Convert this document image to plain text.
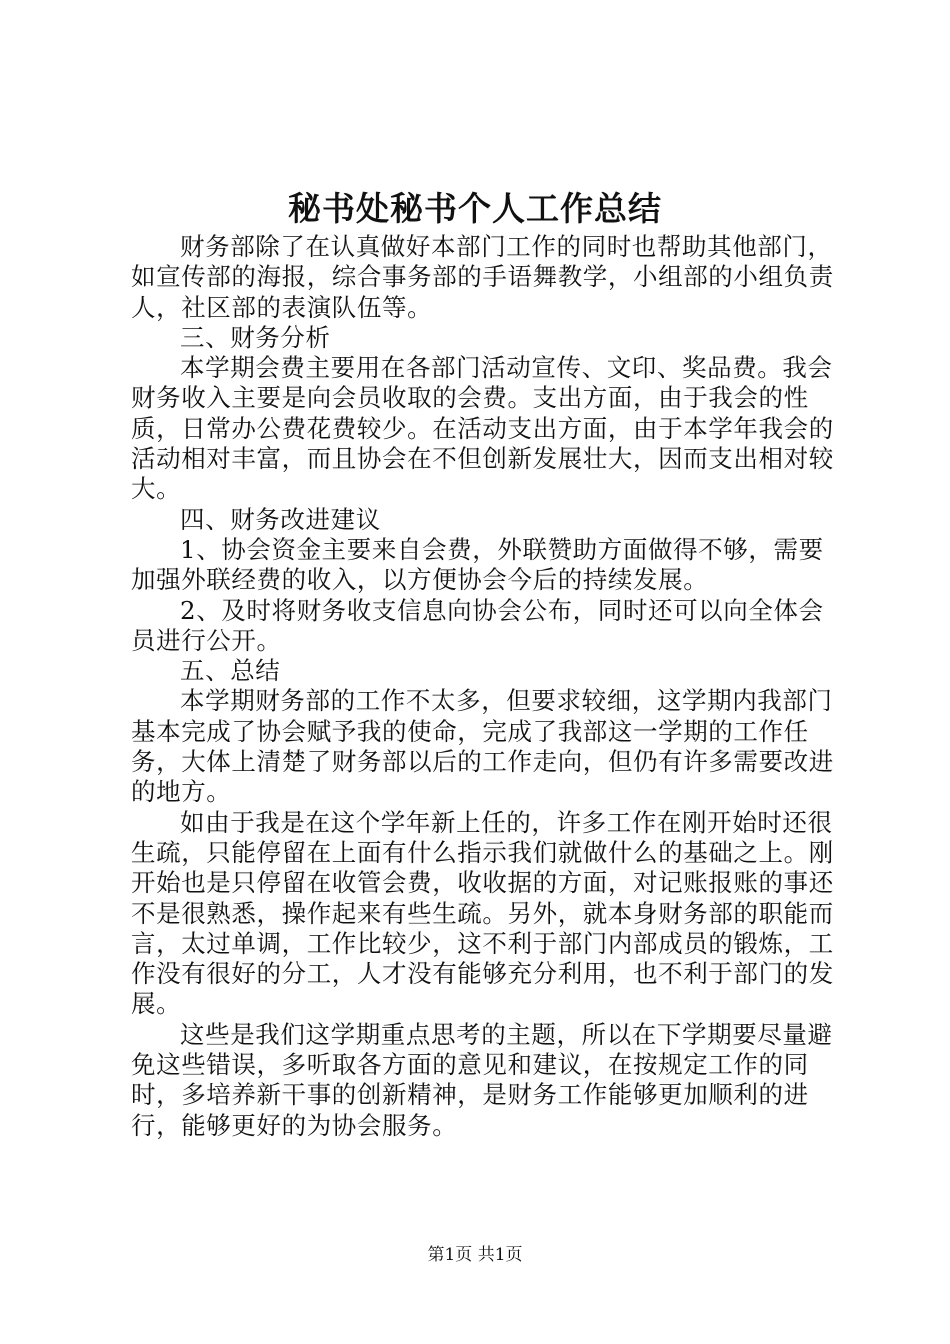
秘书处秘书个人工作总结

财务部除了在认真做好本部门工作的同时也帮助其他部门，如宣传部的海报，综合事务部的手语舞教学，小组部的小组负责人，社区部的表演队伍等。

三、财务分析

本学期会费主要用在各部门活动宣传、文印、奖品费。我会财务收入主要是向会员收取的会费。支出方面，由于我会的性质，日常办公费花费较少。在活动支出方面，由于本学年我会的活动相对丰富，而且协会在不但创新发展壮大，因而支出相对较大。

四、财务改进建议

1、协会资金主要来自会费，外联赞助方面做得不够，需要加强外联经费的收入，以方便协会今后的持续发展。

2、及时将财务收支信息向协会公布，同时还可以向全体会员进行公开。

五、总结

本学期财务部的工作不太多，但要求较细，这学期内我部门基本完成了协会赋予我的使命，完成了我部这一学期的工作任务，大体上清楚了财务部以后的工作走向，但仍有许多需要改进的地方。

如由于我是在这个学年新上任的，许多工作在刚开始时还很生疏，只能停留在上面有什么指示我们就做什么的基础之上。刚开始也是只停留在收管会费，收收据的方面，对记账报账的事还不是很熟悉，操作起来有些生疏。另外，就本身财务部的职能而言，太过单调，工作比较少，这不利于部门内部成员的锻炼，工作没有很好的分工，人才没有能够充分利用，也不利于部门的发展。

这些是我们这学期重点思考的主题，所以在下学期要尽量避免这些错误，多听取各方面的意见和建议，在按规定工作的同时，多培养新干事的创新精神，是财务工作能够更加顺利的进行，能够更好的为协会服务。

第1页 共1页
